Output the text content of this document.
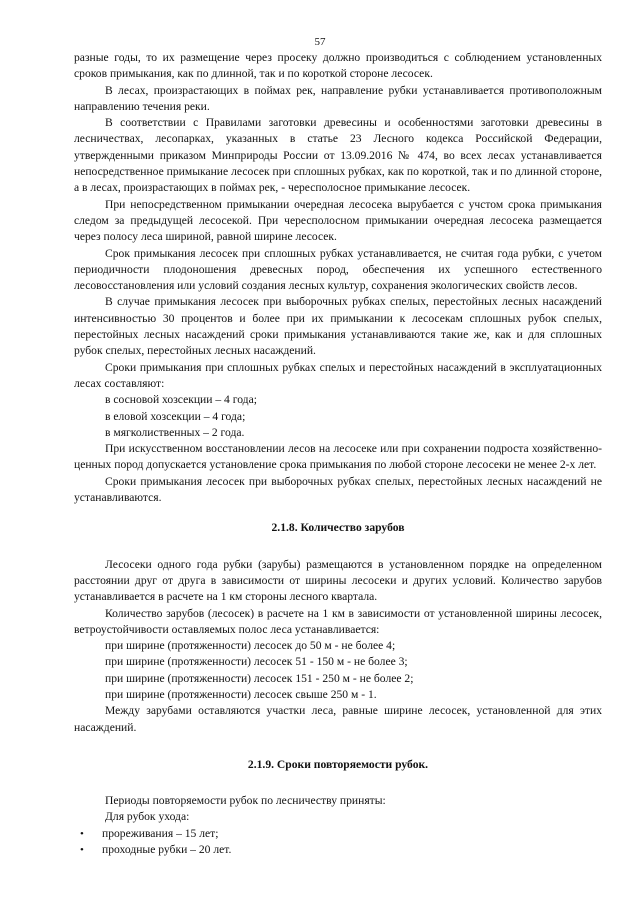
57

разные годы, то их размещение через просеку должно производиться с соблюдением установленных сроков примыкания, как по длинной, так и по короткой стороне лесосек.

В лесах, произрастающих в поймах рек, направление рубки устанавливается противоположным направлению течения реки.

В соответствии с Правилами заготовки древесины и особенностями заготовки древесины в лесничествах, лесопарках, указанных в статье 23 Лесного кодекса Российской Федерации, утвержденными приказом Минприроды России от 13.09.2016 № 474, во всех лесах устанавливается непосредственное примыкание лесосек при сплошных рубках, как по короткой, так и по длинной стороне, а в лесах, произрастающих в поймах рек, - чересполосное примыкание лесосек.

При непосредственном примыкании очередная лесосека вырубается с учстом срока примыкания следом за предыдущей лесосекой. При чересполосном примыкании очередная лесосека размещается через полосу леса шириной, равной ширине лесосек.

Срок примыкания лесосек при сплошных рубках устанавливается, не считая года рубки, с учетом периодичности плодоношения древесных пород, обеспечения их успешного естественного лесовосстановления или условий создания лесных культур, сохранения экологических свойств лесов.

В случае примыкания лесосек при выборочных рубках спелых, перестойных лесных насаждений интенсивностью 30 процентов и более при их примыкании к лесосекам сплошных рубок спелых, перестойных лесных насаждений сроки примыкания устанавливаются такие же, как и для сплошных рубок спелых, перестойных лесных насаждений.

Сроки примыкания при сплошных рубках спелых и перестойных насаждений в эксплуатационных лесах составляют:

в сосновой хозсекции – 4 года;

в еловой хозсекции – 4 года;

в мягколиственных – 2 года.

При искусственном восстановлении лесов на лесосеке или при сохранении подроста хозяйственно-ценных пород допускается установление срока примыкания по любой стороне лесосеки не менее 2-х лет.

Сроки примыкания лесосек при выборочных рубках спелых, перестойных лесных насаждений не устанавливаются.

2.1.8. Количество зарубов

Лесосеки одного года рубки (зарубы) размещаются в установленном порядке на определенном расстоянии друг от друга в зависимости от ширины лесосеки и других условий. Количество зарубов устанавливается в расчете на 1 км стороны лесного квартала.

Количество зарубов (лесосек) в расчете на 1 км в зависимости от установленной ширины лесосек, ветроустойчивости оставляемых полос леса устанавливается:

при ширине (протяженности) лесосек до 50 м - не более 4;

при ширине (протяженности) лесосек 51 - 150 м - не более 3;

при ширине (протяженности) лесосек 151 - 250 м - не более 2;

при ширине (протяженности) лесосек свыше 250 м - 1.

Между зарубами оставляются участки леса, равные ширине лесосек, установленной для этих насаждений.

2.1.9. Сроки повторяемости рубок.

Периоды повторяемости рубок по лесничеству приняты:

Для рубок ухода:

• прореживания – 15 лет;

• проходные рубки – 20 лет.
